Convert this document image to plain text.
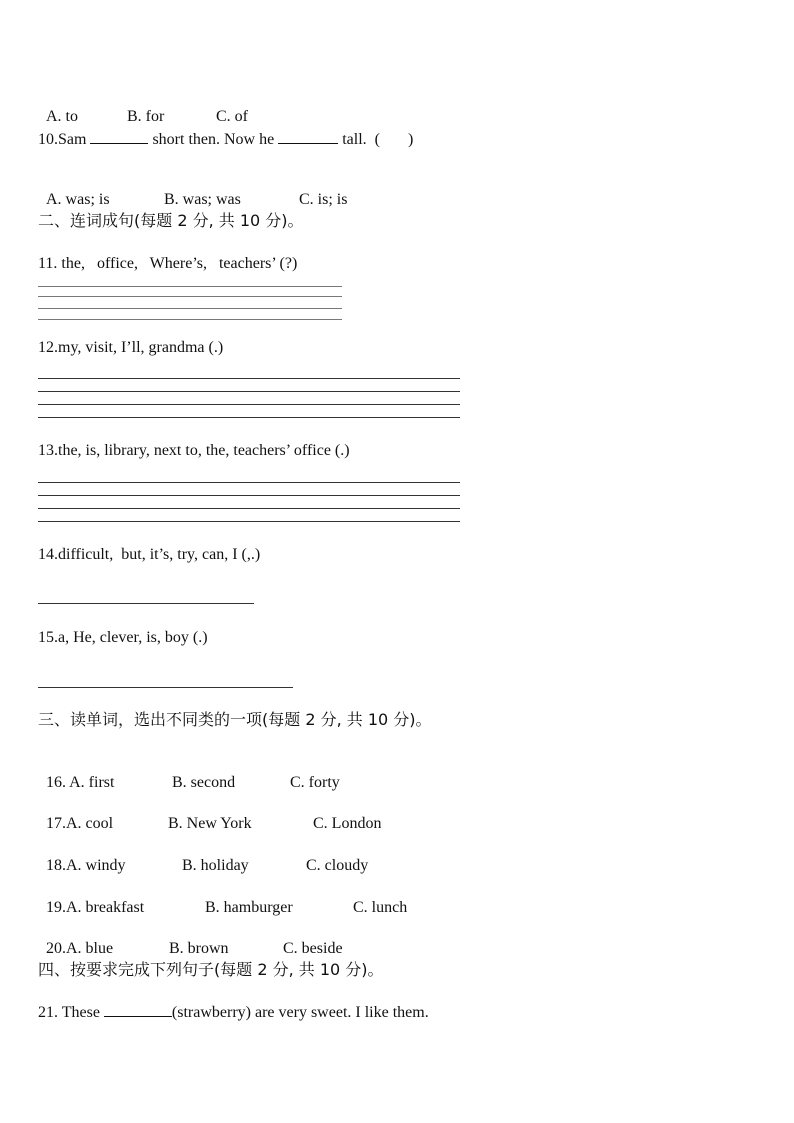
A. to	B. for	C. of

10.Sam	short then. Now he	tall.  (       )

A. was; is	B. was; was	C. is; is

二、连词成句(每题 2 分, 共 10 分)。
11. the,   office,   Where’s,   teachers’ (?)
12.my, visit, I’ll, grandma (.)
13.the, is, library, next to, the, teachers’ office (.)
14.difficult,  but, it’s, try, can, I (,.)
15.a, He, clever, is, boy (.)
三、读单词，选出不同类的一项(每题 2 分, 共 10 分)。

16. A. first	B. second	C. forty

17.A. cool	B. New York	C. London

18.A. windy	B. holiday	C. cloudy

19.A. breakfast	B. hamburger	C. lunch

20.A. blue	B. brown	C. beside

四、按要求完成下列句子(每题 2 分, 共 10 分)。
21. These	(strawberry) are very sweet. I like them.
